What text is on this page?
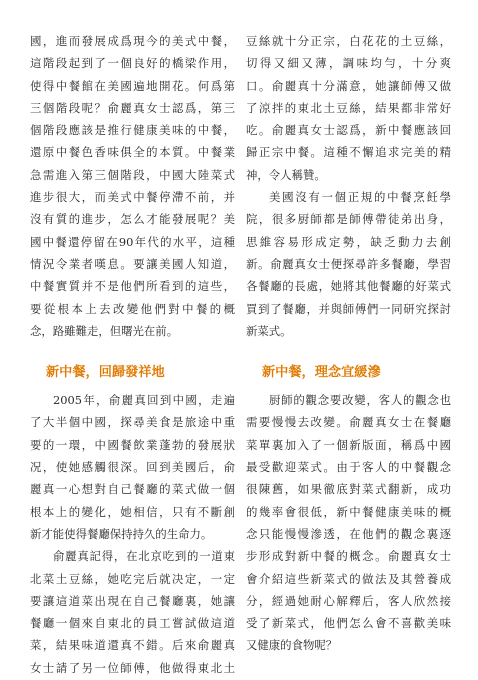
國，進而發展成爲現今的美式中餐，
這階段起到了一個良好的橋梁作用，
使得中餐館在美國遍地開花。何爲第
三個階段呢？俞麗真女士認爲，第三
個階段應該是推行健康美味的中餐，
還原中餐色香味俱全的本質。中餐業
急需進入第三個階段，中國大陸菜式
進步很大，而美式中餐停滯不前，并
沒有質的進步，怎么才能發展呢？美
國中餐還停留在90年代的水平，這種
情況令業者嘆息。要讓美國人知道，
中餐實質并不是他們所看到的這些，
要從根本上去改變他們對中餐的概
念，路雖難走，但曙光在前。
新中餐，回歸發祥地
2005年，俞麗真回到中國，走遍
了大半個中國，探尋美食是旅途中重
要的一環，中國餐飲業蓬勃的發展狀
况，使她感觸很深。回到美國后，俞
麗真一心想對自己餐廳的菜式做一個
根本上的變化，她相信，只有不斷創
新才能使得餐廳保持持久的生命力。
俞麗真記得，在北京吃到的一道東
北菜土豆絲，她吃完后就决定，一定
要讓這道菜出現在自己餐廳裏，她讓
餐廳一個來自東北的員工嘗試做這道
菜，結果味道還真不錯。后來俞麗真
女士請了另一位師傅，他做得東北土
豆絲就十分正宗，白花花的土豆絲，
切得又細又薄，調味均勻，十分爽
口。俞麗真十分滿意，她讓師傅又做
了涼拌的東北土豆絲，結果都非常好
吃。俞麗真女士認爲，新中餐應該回
歸正宗中餐。這種不懈追求完美的精
神，令人稱贊。
美國沒有一個正規的中餐烹飪學
院，很多厨師都是師傅帶徒弟出身，
思維容易形成定勢，缺乏動力去創
新。俞麗真女士便探尋許多餐廳，學習
各餐廳的長處，她將其他餐廳的好菜式
買到了餐廳，并與師傅們一同研究探討
新菜式。
新中餐，理念宜緩滲
厨師的觀念要改變，客人的觀念也
需要慢慢去改變。俞麗真女士在餐廳
菜單裏加入了一個新版面，稱爲中國
最受歡迎菜式。由于客人的中餐觀念
很陳舊，如果徹底對菜式翻新，成功
的幾率會很低，新中餐健康美味的概
念只能慢慢滲透，在他們的觀念裏逐
步形成對新中餐的概念。俞麗真女士
會介紹這些新菜式的做法及其營養成
分，經過她耐心解釋后，客人欣然接
受了新菜式，他們怎么會不喜歡美味
又健康的食物呢？
